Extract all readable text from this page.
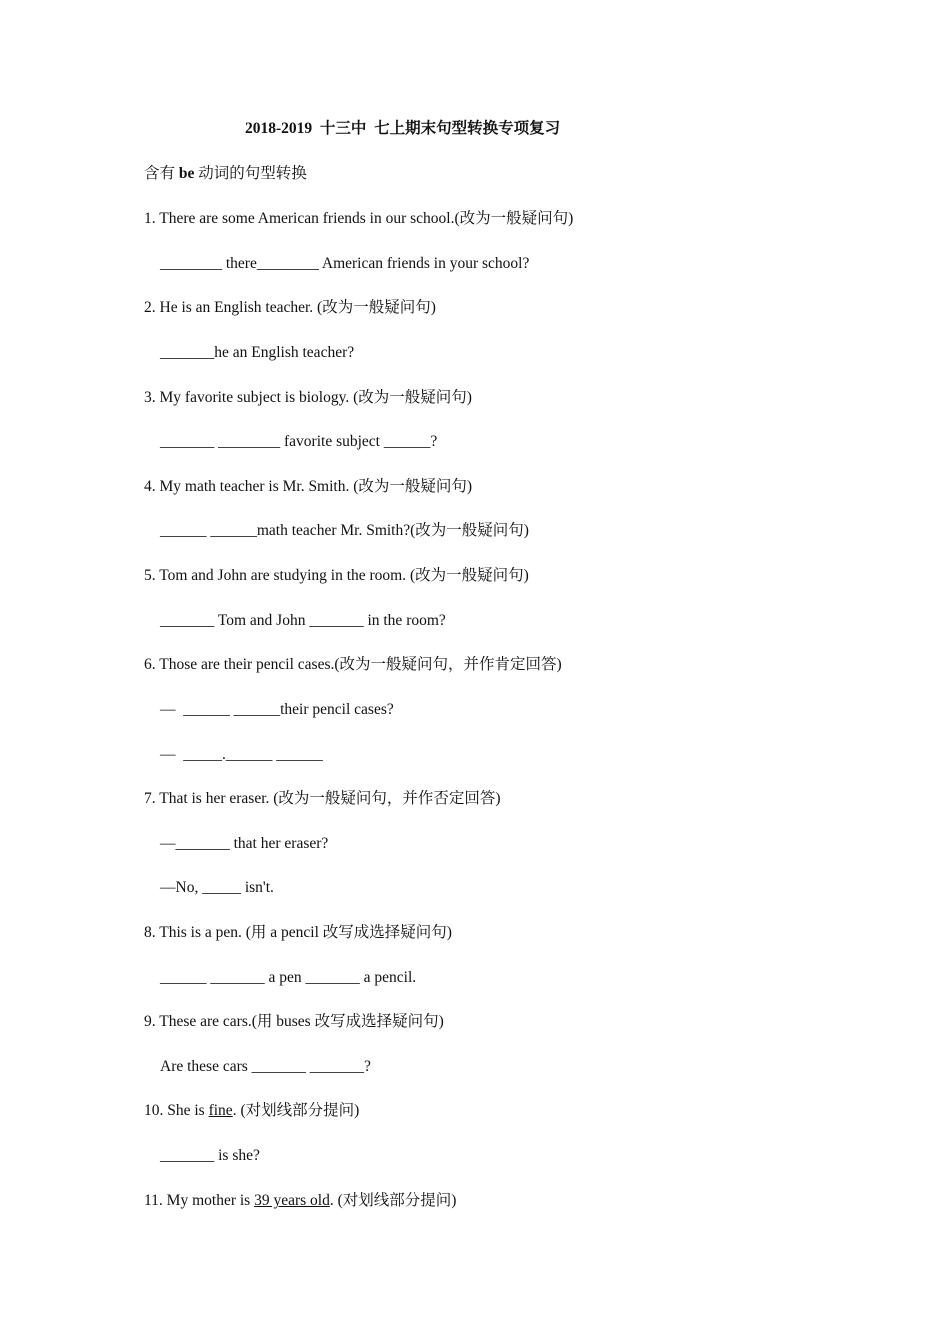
2018-2019  十三中  七上期末句型转换专项复习
含有 be 动词的句型转换
1. There are some American friends in our school.(改为一般疑问句)
________ there________ American friends in your school?
2. He is an English teacher. (改为一般疑问句)
_______he an English teacher?
3. My favorite subject is biology. (改为一般疑问句)
_______ ________ favorite subject ______?
4. My math teacher is Mr. Smith. (改为一般疑问句)
______ ______math teacher Mr. Smith?(改为一般疑问句)
5. Tom and John are studying in the room. (改为一般疑问句)
_______ Tom and John _______ in the room?
6. Those are their pencil cases.(改为一般疑问句，并作肯定回答)
—  ______ ______their pencil cases?
—  _____.______ ______
7. That is her eraser. (改为一般疑问句，并作否定回答)
—_______ that her eraser?
—No, _____ isn't.
8. This is a pen. (用 a pencil 改写成选择疑问句)
______ _______ a pen _______ a pencil.
9. These are cars.(用 buses 改写成选择疑问句)
Are these cars _______ _______?
10. She is fine. (对划线部分提问)
_______ is she?
11. My mother is 39 years old. (对划线部分提问)
